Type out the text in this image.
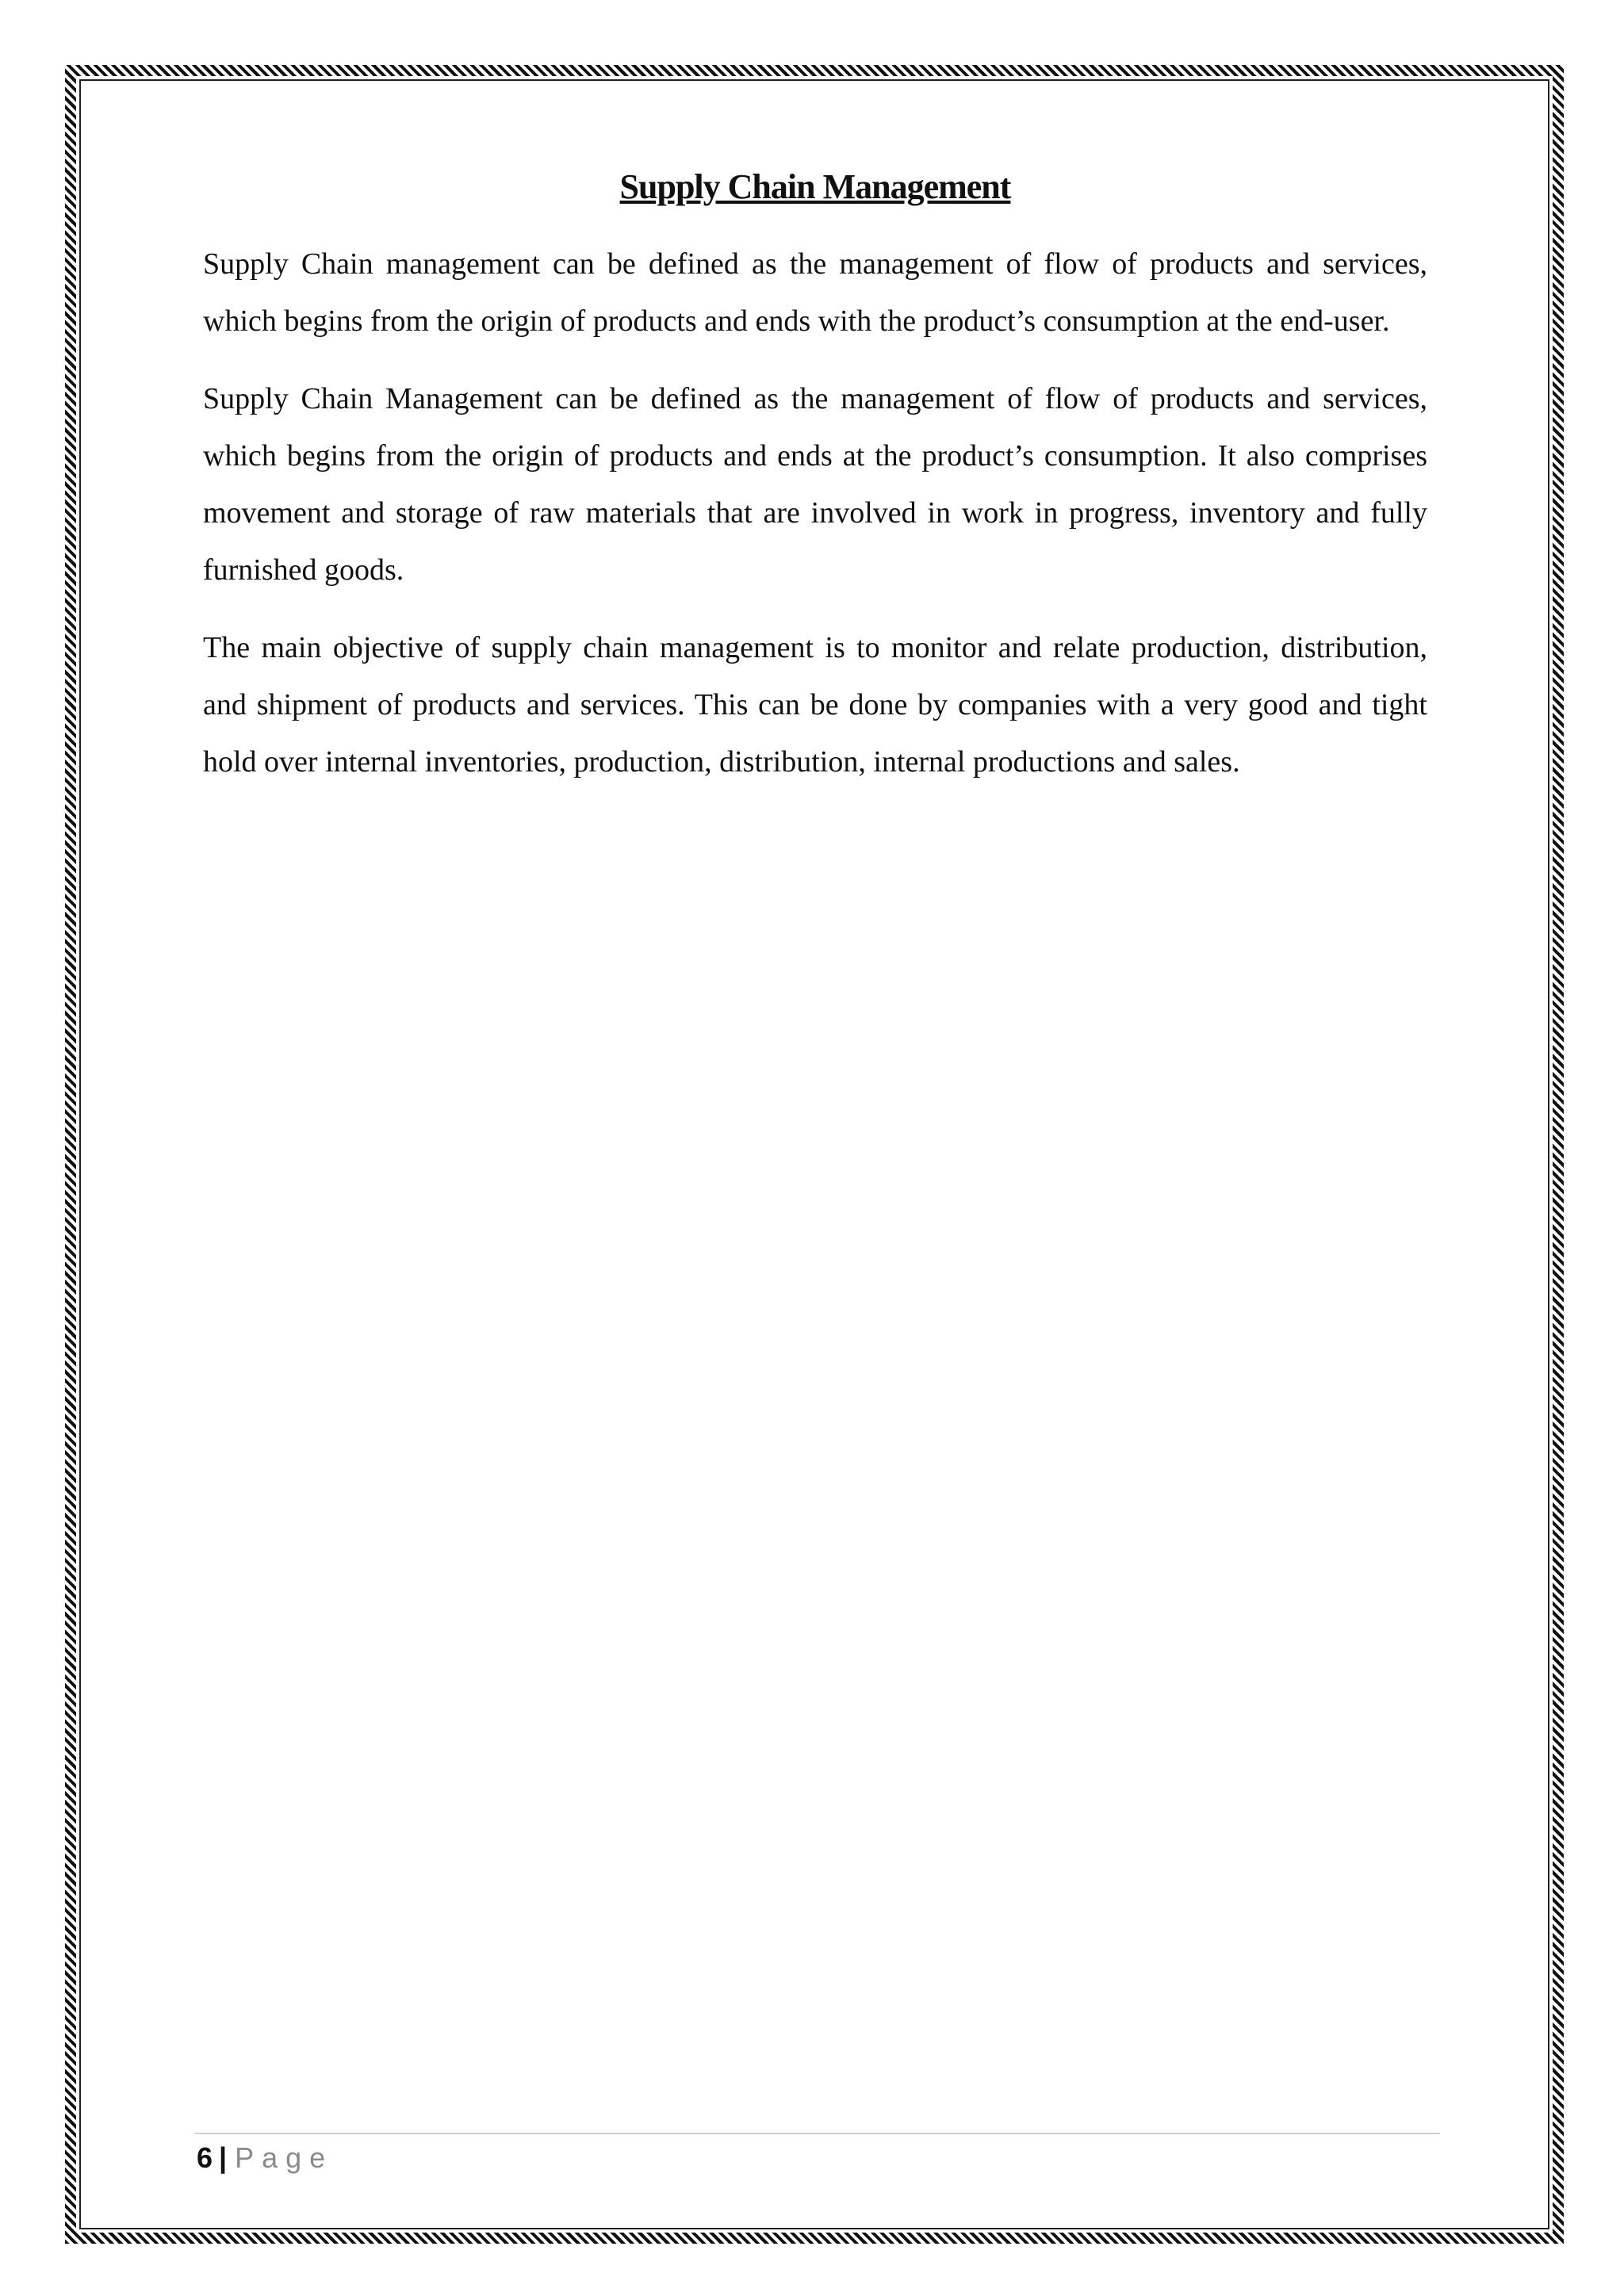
Supply Chain Management

Supply Chain management can be defined as the management of flow of products and services, which begins from the origin of products and ends with the product’s consumption at the end-user.

Supply Chain Management can be defined as the management of flow of products and services, which begins from the origin of products and ends at the product’s consumption. It also comprises movement and storage of raw materials that are involved in work in progress, inventory and fully furnished goods.

The main objective of supply chain management is to monitor and relate production, distribution, and shipment of products and services. This can be done by companies with a very good and tight hold over internal inventories, production, distribution, internal productions and sales.

6 | Page
